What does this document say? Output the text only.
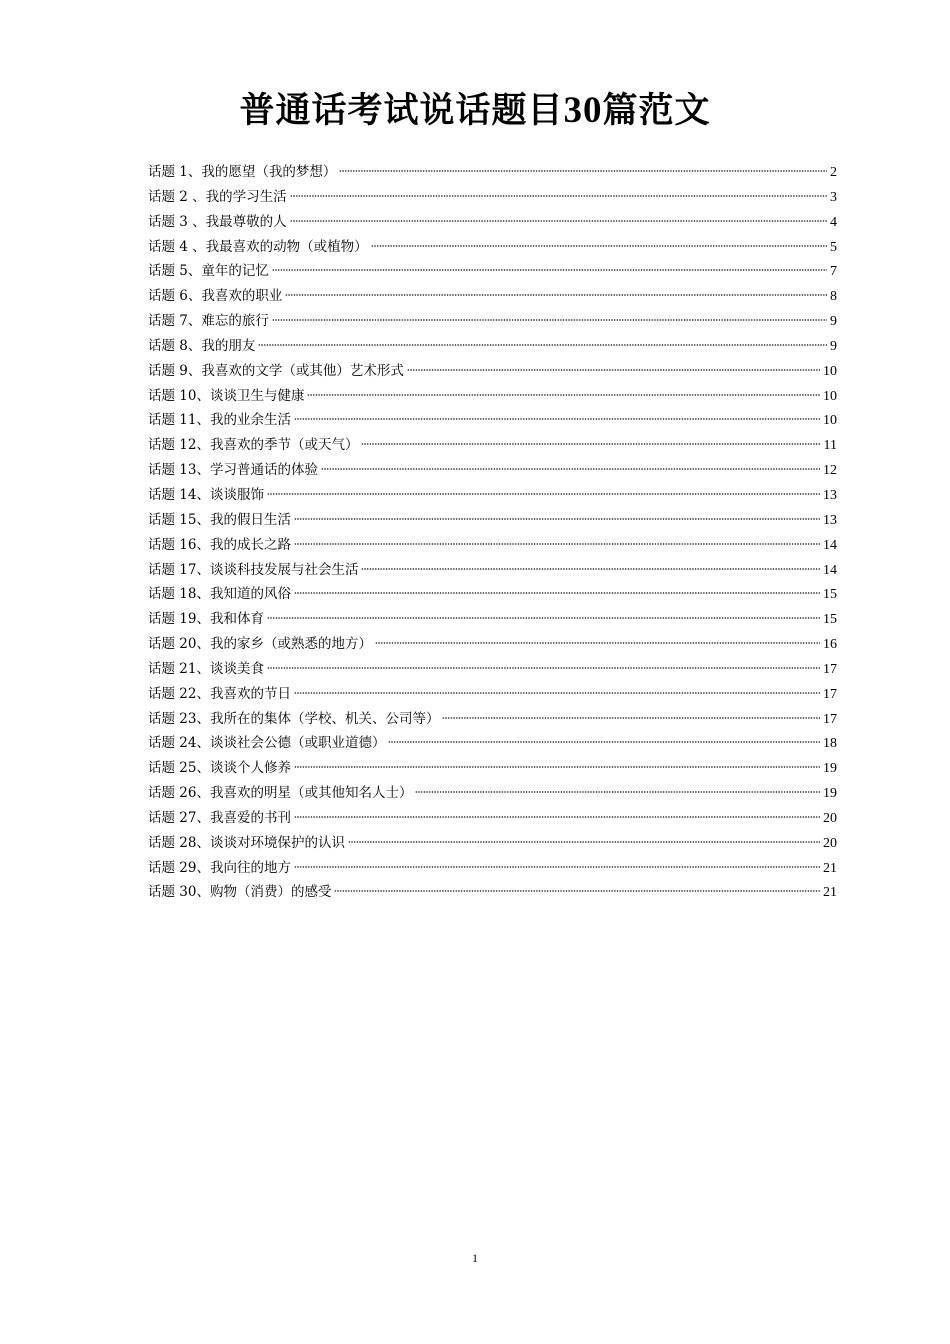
普通话考试说话题目30篇范文
话题 1、我的愿望（我的梦想）	2
话题 2 、我的学习生活	3
话题 3 、我最尊敬的人	4
话题 4 、我最喜欢的动物（或植物）	5
话题 5、童年的记忆	7
话题 6、我喜欢的职业	8
话题 7、难忘的旅行	9
话题 8、我的朋友	9
话题 9、我喜欢的文学（或其他）艺术形式	10
话题 10、谈谈卫生与健康	10
话题 11、我的业余生活	10
话题 12、我喜欢的季节（或天气）	11
话题 13、学习普通话的体验	12
话题 14、谈谈服饰	13
话题 15、我的假日生活	13
话题 16、我的成长之路	14
话题 17、谈谈科技发展与社会生活	14
话题 18、我知道的风俗	15
话题 19、我和体育	15
话题 20、我的家乡（或熟悉的地方）	16
话题 21、谈谈美食	17
话题 22、我喜欢的节日	17
话题 23、我所在的集体（学校、机关、公司等）	17
话题 24、谈谈社会公德（或职业道德）	18
话题 25、谈谈个人修养	19
话题 26、我喜欢的明星（或其他知名人士）	19
话题 27、我喜爱的书刊	20
话题 28、谈谈对环境保护的认识	20
话题 29、我向往的地方	21
话题 30、购物（消费）的感受	21
1
